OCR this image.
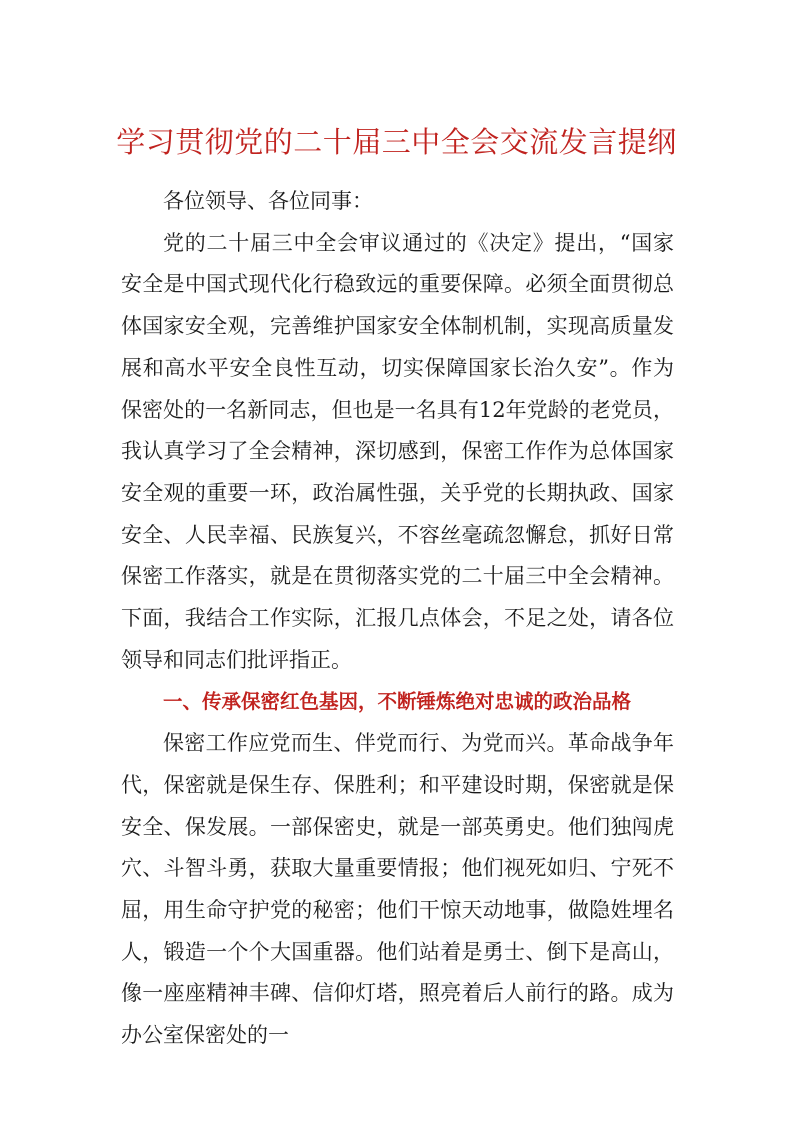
学习贯彻党的二十届三中全会交流发言提纲

各位领导、各位同事：

党的二十届三中全会审议通过的《决定》提出，“国家安全是中国式现代化行稳致远的重要保障。必须全面贯彻总体国家安全观，完善维护国家安全体制机制，实现高质量发展和高水平安全良性互动，切实保障国家长治久安”。作为保密处的一名新同志，但也是一名具有12年党龄的老党员，我认真学习了全会精神，深切感到，保密工作作为总体国家安全观的重要一环，政治属性强，关乎党的长期执政、国家安全、人民幸福、民族复兴，不容丝毫疏忽懈怠，抓好日常保密工作落实，就是在贯彻落实党的二十届三中全会精神。下面，我结合工作实际，汇报几点体会，不足之处，请各位领导和同志们批评指正。

一、传承保密红色基因，不断锤炼绝对忠诚的政治品格

保密工作应党而生、伴党而行、为党而兴。革命战争年代，保密就是保生存、保胜利；和平建设时期，保密就是保安全、保发展。一部保密史，就是一部英勇史。他们独闯虎穴、斗智斗勇，获取大量重要情报；他们视死如归、宁死不屈，用生命守护党的秘密；他们干惊天动地事，做隐姓埋名人，锻造一个个大国重器。他们站着是勇士、倒下是高山，像一座座精神丰碑、信仰灯塔，照亮着后人前行的路。成为办公室保密处的一
